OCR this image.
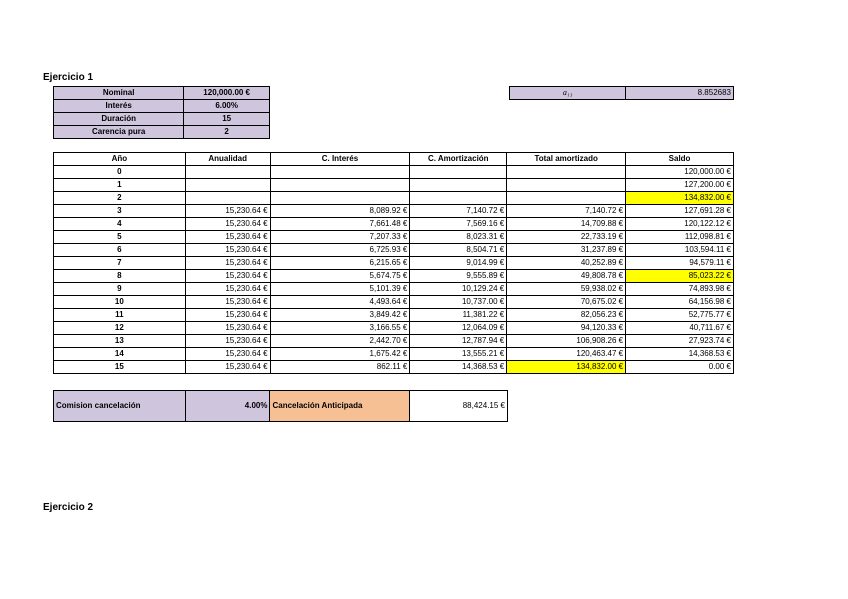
Ejercicio 1
Nominal	120,000.00 €
Interés	6.00%
Duración	15
Carencia pura	2
a₁₃	8.852683
Año	Anualidad	C. Interés	C. Amortización	Total amortizado	Saldo
0					120,000.00 €
1					127,200.00 €
2					134,832.00 €
3	15,230.64 €	8,089.92 €	7,140.72 €	7,140.72 €	127,691.28 €
4	15,230.64 €	7,661.48 €	7,569.16 €	14,709.88 €	120,122.12 €
5	15,230.64 €	7,207.33 €	8,023.31 €	22,733.19 €	112,098.81 €
6	15,230.64 €	6,725.93 €	8,504.71 €	31,237.89 €	103,594.11 €
7	15,230.64 €	6,215.65 €	9,014.99 €	40,252.89 €	94,579.11 €
8	15,230.64 €	5,674.75 €	9,555.89 €	49,808.78 €	85,023.22 €
9	15,230.64 €	5,101.39 €	10,129.24 €	59,938.02 €	74,893.98 €
10	15,230.64 €	4,493.64 €	10,737.00 €	70,675.02 €	64,156.98 €
11	15,230.64 €	3,849.42 €	11,381.22 €	82,056.23 €	52,775.77 €
12	15,230.64 €	3,166.55 €	12,064.09 €	94,120.33 €	40,711.67 €
13	15,230.64 €	2,442.70 €	12,787.94 €	106,908.26 €	27,923.74 €
14	15,230.64 €	1,675.42 €	13,555.21 €	120,463.47 €	14,368.53 €
15	15,230.64 €	862.11 €	14,368.53 €	134,832.00 €	0.00 €
Comision cancelación	4.00%	Cancelación Anticipada	88,424.15 €
Ejercicio 2
